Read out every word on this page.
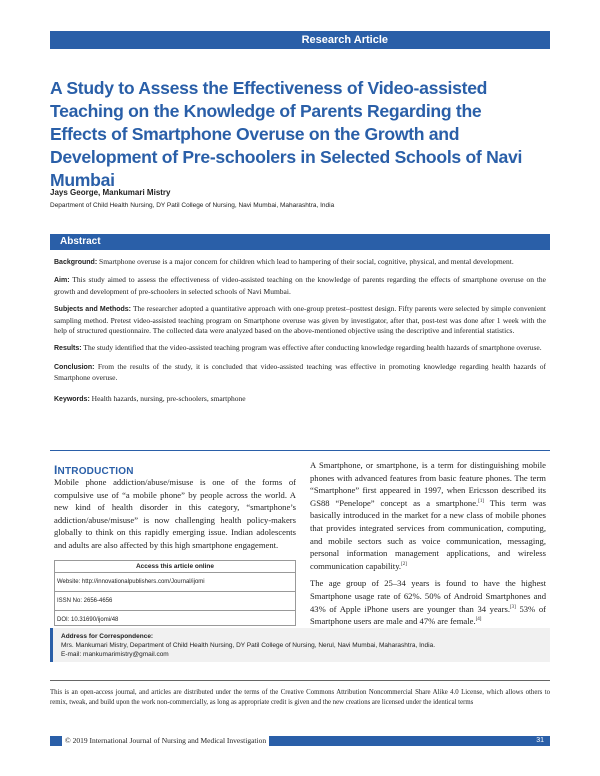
Research Article
A Study to Assess the Effectiveness of Video-assisted Teaching on the Knowledge of Parents Regarding the Effects of Smartphone Overuse on the Growth and Development of Pre-schoolers in Selected Schools of Navi Mumbai
Jays George, Mankumari Mistry
Department of Child Health Nursing, DY Patil College of Nursing, Navi Mumbai, Maharashtra, India
Abstract

Background: Smartphone overuse is a major concern for children which lead to hampering of their social, cognitive, physical, and mental development.

Aim: This study aimed to assess the effectiveness of video-assisted teaching on the knowledge of parents regarding the effects of smartphone overuse on the growth and development of pre-schoolers in selected schools of Navi Mumbai.

Subjects and Methods: The researcher adopted a quantitative approach with one-group pretest–posttest design. Fifty parents were selected by simple convenient sampling method. Pretest video-assisted teaching program on Smartphone overuse was given by investigator, after that, post-test was done after 1 week with the help of structured questionnaire. The collected data were analyzed based on the above-mentioned objective using the descriptive and inferential statistics.

Results: The study identified that the video-assisted teaching program was effective after conducting knowledge regarding health hazards of smartphone overuse.

Conclusion: From the results of the study, it is concluded that video-assisted teaching was effective in promoting knowledge regarding health hazards of Smartphone overuse.

Keywords: Health hazards, nursing, pre-schoolers, smartphone

INTRODUCTION

Mobile phone addiction/abuse/misuse is one of the forms of compulsive use of “a mobile phone” by people across the world. A new kind of health disorder in this category, “smartphone’s addiction/abuse/misuse” is now challenging health policy-makers globally to think on this rapidly emerging issue. Indian adolescents and adults are also affected by this high smartphone engagement.

A Smartphone, or smartphone, is a term for distinguishing mobile phones with advanced features from basic feature phones. The term “Smartphone” first appeared in 1997, when Ericsson described its GS88 “Penelope” concept as a smartphone.[1] This term was basically introduced in the market for a new class of mobile phones that provides integrated services from communication, computing, and mobile sectors such as voice communication, messaging, personal information management applications, and wireless communication capability.[2]

The age group of 25–34 years is found to have the highest Smartphone usage rate of 62%. 50% of Android Smartphones and 43% of Apple iPhone users are younger than 34 years.[3] 53% of Smartphone users are male and 47% are female.[4]

Access this article online
Website: http://innovationalpublishers.com/Journal/ijomi
ISSN No: 2656-4656
DOI: 10.31690/ijomi/48
Address for Correspondence:
Mrs. Mankumari Mistry, Department of Child Health Nursing, DY Patil College of Nursing, Nerul, Navi Mumbai, Maharashtra, India.
E-mail: mankumarimistry@gmail.com
This is an open-access journal, and articles are distributed under the terms of the Creative Commons Attribution Noncommercial Share Alike 4.0 License, which allows others to remix, tweak, and build upon the work non-commercially, as long as appropriate credit is given and the new creations are licensed under the identical terms
© 2019 International Journal of Nursing and Medical Investigation	31
